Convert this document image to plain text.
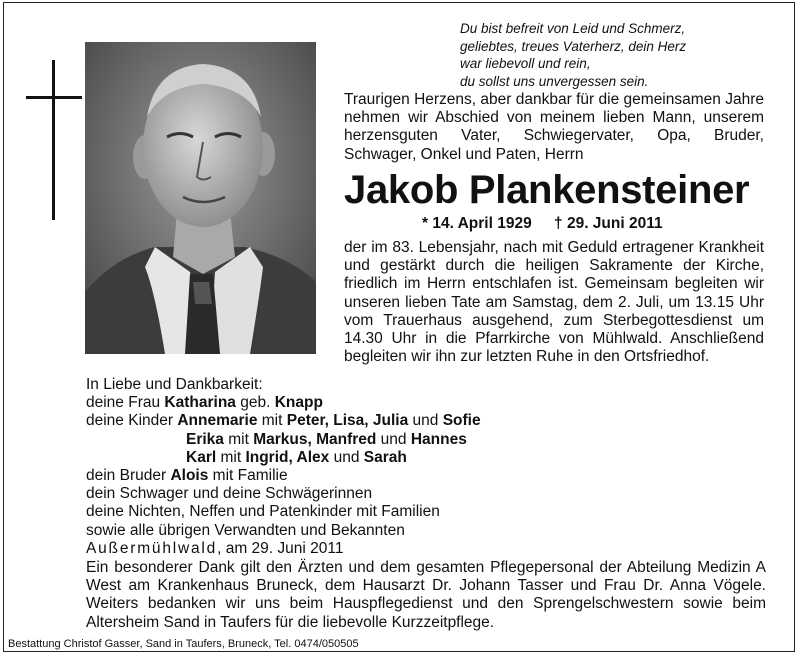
Du bist befreit von Leid und Schmerz,
geliebtes, treues Vaterherz, dein Herz
war liebevoll und rein,
du sollst uns unvergessen sein.
Traurigen Herzens, aber dankbar für die gemeinsamen Jahre nehmen wir Abschied von meinem lieben Mann, unserem herzensguten Vater, Schwiegervater, Opa, Bruder, Schwager, Onkel und Paten, Herrn
Jakob Plankensteiner
* 14. April 1929 † 29. Juni 2011
der im 83. Lebensjahr, nach mit Geduld ertragener Krankheit und gestärkt durch die heiligen Sakramente der Kirche, friedlich im Herrn entschlafen ist. Gemeinsam begleiten wir unseren lieben Tate am Samstag, dem 2. Juli, um 13.15 Uhr vom Trauerhaus ausgehend, zum Sterbegottesdienst um 14.30 Uhr in die Pfarrkirche von Mühlwald. Anschließend begleiten wir ihn zur letzten Ruhe in den Ortsfriedhof.
In Liebe und Dankbarkeit:
deine Frau Katharina geb. Knapp
deine Kinder Annemarie mit Peter, Lisa, Julia und Sofie
Erika mit Markus, Manfred und Hannes
Karl mit Ingrid, Alex und Sarah
dein Bruder Alois mit Familie
dein Schwager und deine Schwägerinnen
deine Nichten, Neffen und Patenkinder mit Familien
sowie alle übrigen Verwandten und Bekannten
Außermühlwald, am 29. Juni 2011
Ein besonderer Dank gilt den Ärzten und dem gesamten Pflegepersonal der Abteilung Medizin A West am Krankenhaus Bruneck, dem Hausarzt Dr. Johann Tasser und Frau Dr. Anna Vögele. Weiters bedanken wir uns beim Hauspflegedienst und den Sprengelschwestern sowie beim Altersheim Sand in Taufers für die liebevolle Kurzzeitpflege.
Bestattung Christof Gasser, Sand in Taufers, Bruneck, Tel. 0474/050505
